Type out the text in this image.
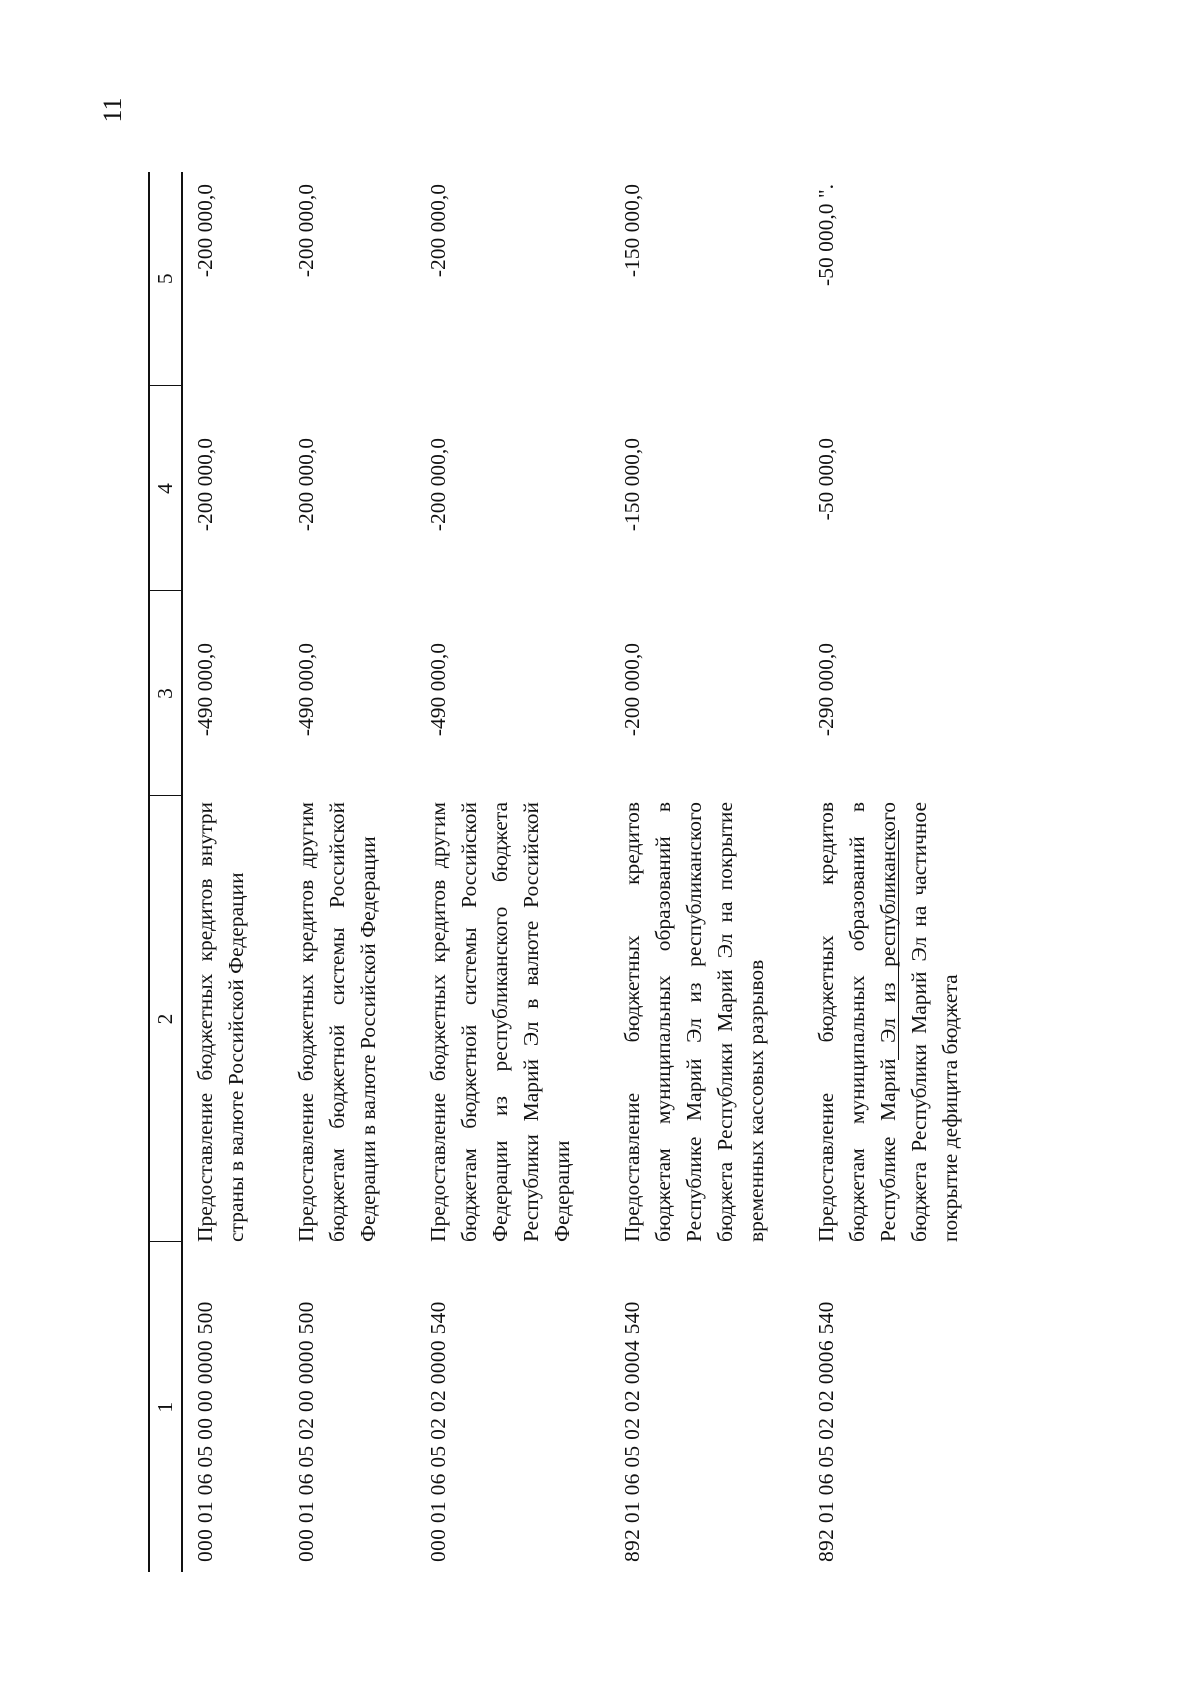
11
1	2	3	4	5
000 01 06 05 00 00 0000 500	Предоставление бюджетных кредитов внутри страны в валюте Российской Федерации	-490 000,0	-200 000,0	-200 000,0
000 01 06 05 02 00 0000 500	Предоставление бюджетных кредитов другим бюджетам бюджетной системы Российской Федерации в валюте Российской Федерации	-490 000,0	-200 000,0	-200 000,0
000 01 06 05 02 02 0000 540	Предоставление бюджетных кредитов другим бюджетам бюджетной системы Российской Федерации из республиканского бюджета Республики Марий Эл в валюте Российской Федерации	-490 000,0	-200 000,0	-200 000,0
892 01 06 05 02 02 0004 540	Предоставление бюджетных кредитов бюджетам муниципальных образований в Республике Марий Эл из республиканского бюджета Республики Марий Эл на покрытие временных кассовых разрывов	-200 000,0	-150 000,0	-150 000,0
892 01 06 05 02 02 0006 540	Предоставление бюджетных кредитов бюджетам муниципальных образований в Республике Марий Эл из республиканского бюджета Республики Марий Эл на частичное покрытие дефицита бюджета	-290 000,0	-50 000,0	-50 000,0 ".
